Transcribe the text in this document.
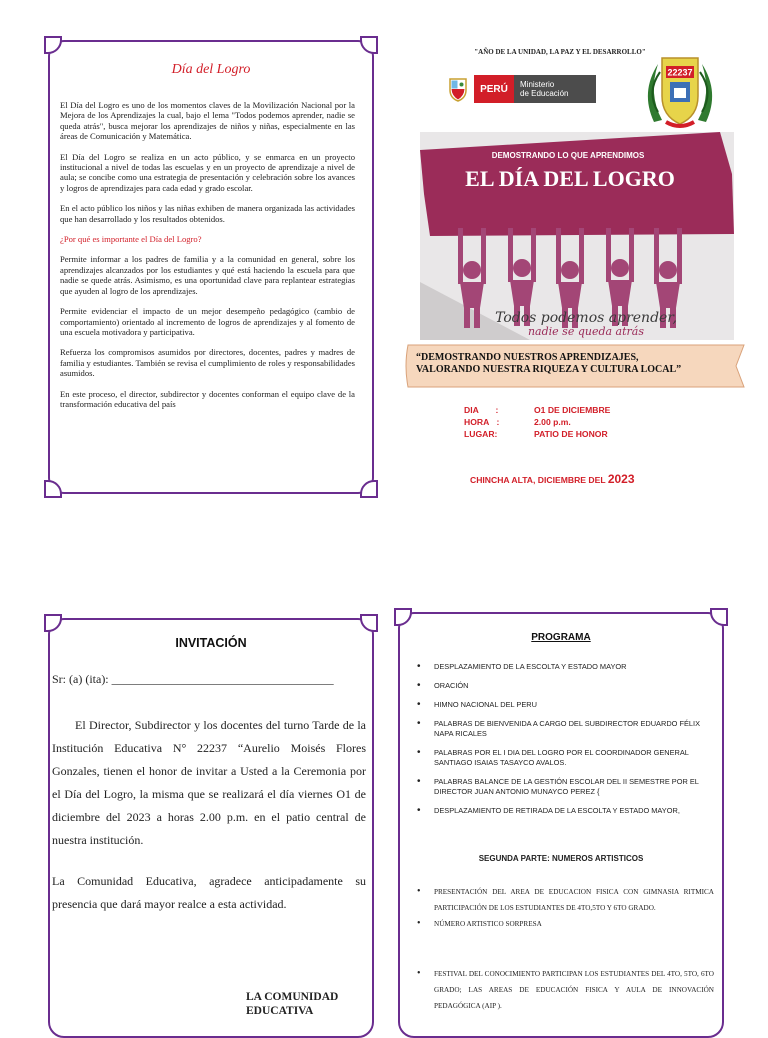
Día del Logro

El Día del Logro es uno de los momentos claves de la Movilización Nacional por la Mejora de los Aprendizajes la cual, bajo el lema "Todos podemos aprender, nadie se queda atrás", busca mejorar los aprendizajes de niños y niñas, especialmente en las áreas de Comunicación y Matemática.

El Día del Logro se realiza en un acto público, y se enmarca en un proyecto institucional a nivel de todas las escuelas y en un proyecto de aprendizaje a nivel de aula; se concibe como una estrategia de presentación y celebración sobre los avances y logros de aprendizajes para cada edad y grado escolar.

En el acto público los niños y las niñas exhiben de manera organizada las actividades que han desarrollado y los resultados obtenidos.

¿Por qué es importante el Día del Logro?

Permite informar a los padres de familia y a la comunidad en general, sobre los aprendizajes alcanzados por los estudiantes y qué está haciendo la escuela para que nadie se quede atrás. Asimismo, es una oportunidad clave para replantear estrategias que ayuden al logro de los aprendizajes.

Permite evidenciar el impacto de un mejor desempeño pedagógico (cambio de comportamiento) orientado al incremento de logros de aprendizajes y al fomento de una escuela motivadora y participativa.

Refuerza los compromisos asumidos por directores, docentes, padres y madres de familia y estudiantes. También se revisa el cumplimiento de roles y responsabilidades asumidos.

En este proceso, el director, subdirector y docentes conforman el equipo clave de la transformación educativa del país

"AÑO DE LA UNIDAD, LA PAZ Y EL DESARROLLO"
PERÚ	Ministerio
de Educación
22237
DEMOSTRANDO LO QUE APRENDIMOS
EL DÍA DEL LOGRO
Todos podemos aprender,
nadie se queda atrás
“DEMOSTRANDO NUESTROS APRENDIZAJES,
VALORANDO NUESTRA RIQUEZA Y CULTURA LOCAL”
DIA :	O1 DE DICIEMBRE
HORA :	2.00 p.m.
LUGAR:	PATIO DE HONOR
CHINCHA ALTA, DICIEMBRE DEL 2023
INVITACIÓN
Sr: (a) (ita): _____________________________________
El Director, Subdirector y los docentes del turno Tarde de la Institución Educativa N° 22237 “Aurelio Moisés Flores Gonzales, tienen el honor de invitar a Usted a la Ceremonia por el Día del Logro, la misma que se realizará el día viernes O1 de diciembre del 2023 a horas 2.00 p.m. en el patio central de nuestra institución.
La Comunidad Educativa, agradece anticipadamente su presencia que dará mayor realce a esta actividad.
LA COMUNIDAD
EDUCATIVA
PROGRAMA
• DESPLAZAMIENTO DE LA ESCOLTA Y ESTADO MAYOR
• ORACIÓN
• HIMNO NACIONAL DEL PERU
• PALABRAS DE BIENVENIDA A CARGO DEL SUBDIRECTOR EDUARDO FÉLIX NAPA RICALES
• PALABRAS POR EL I DIA DEL LOGRO POR EL COORDINADOR GENERAL SANTIAGO ISAIAS TASAYCO AVALOS.
• PALABRAS BALANCE DE LA GESTIÓN ESCOLAR DEL II SEMESTRE POR EL DIRECTOR JUAN ANTONIO MUNAYCO PEREZ {
• DESPLAZAMIENTO DE RETIRADA DE LA ESCOLTA Y ESTADO MAYOR,
SEGUNDA PARTE: NUMEROS ARTISTICOS
• PRESENTACIÓN DEL AREA DE EDUCACION FISICA CON GIMNASIA RITMICA PARTICIPACIÓN DE LOS ESTUDIANTES DE 4TO,5TO Y 6TO GRADO.
• NÚMERO ARTISTICO SORPRESA
• FESTIVAL DEL CONOCIMIENTO PARTICIPAN LOS ESTUDIANTES DEL 4TO, 5TO, 6TO GRADO; LAS AREAS DE EDUCACIÓN FISICA Y AULA DE INNOVACIÓN PEDAGÓGICA (AIP ).
